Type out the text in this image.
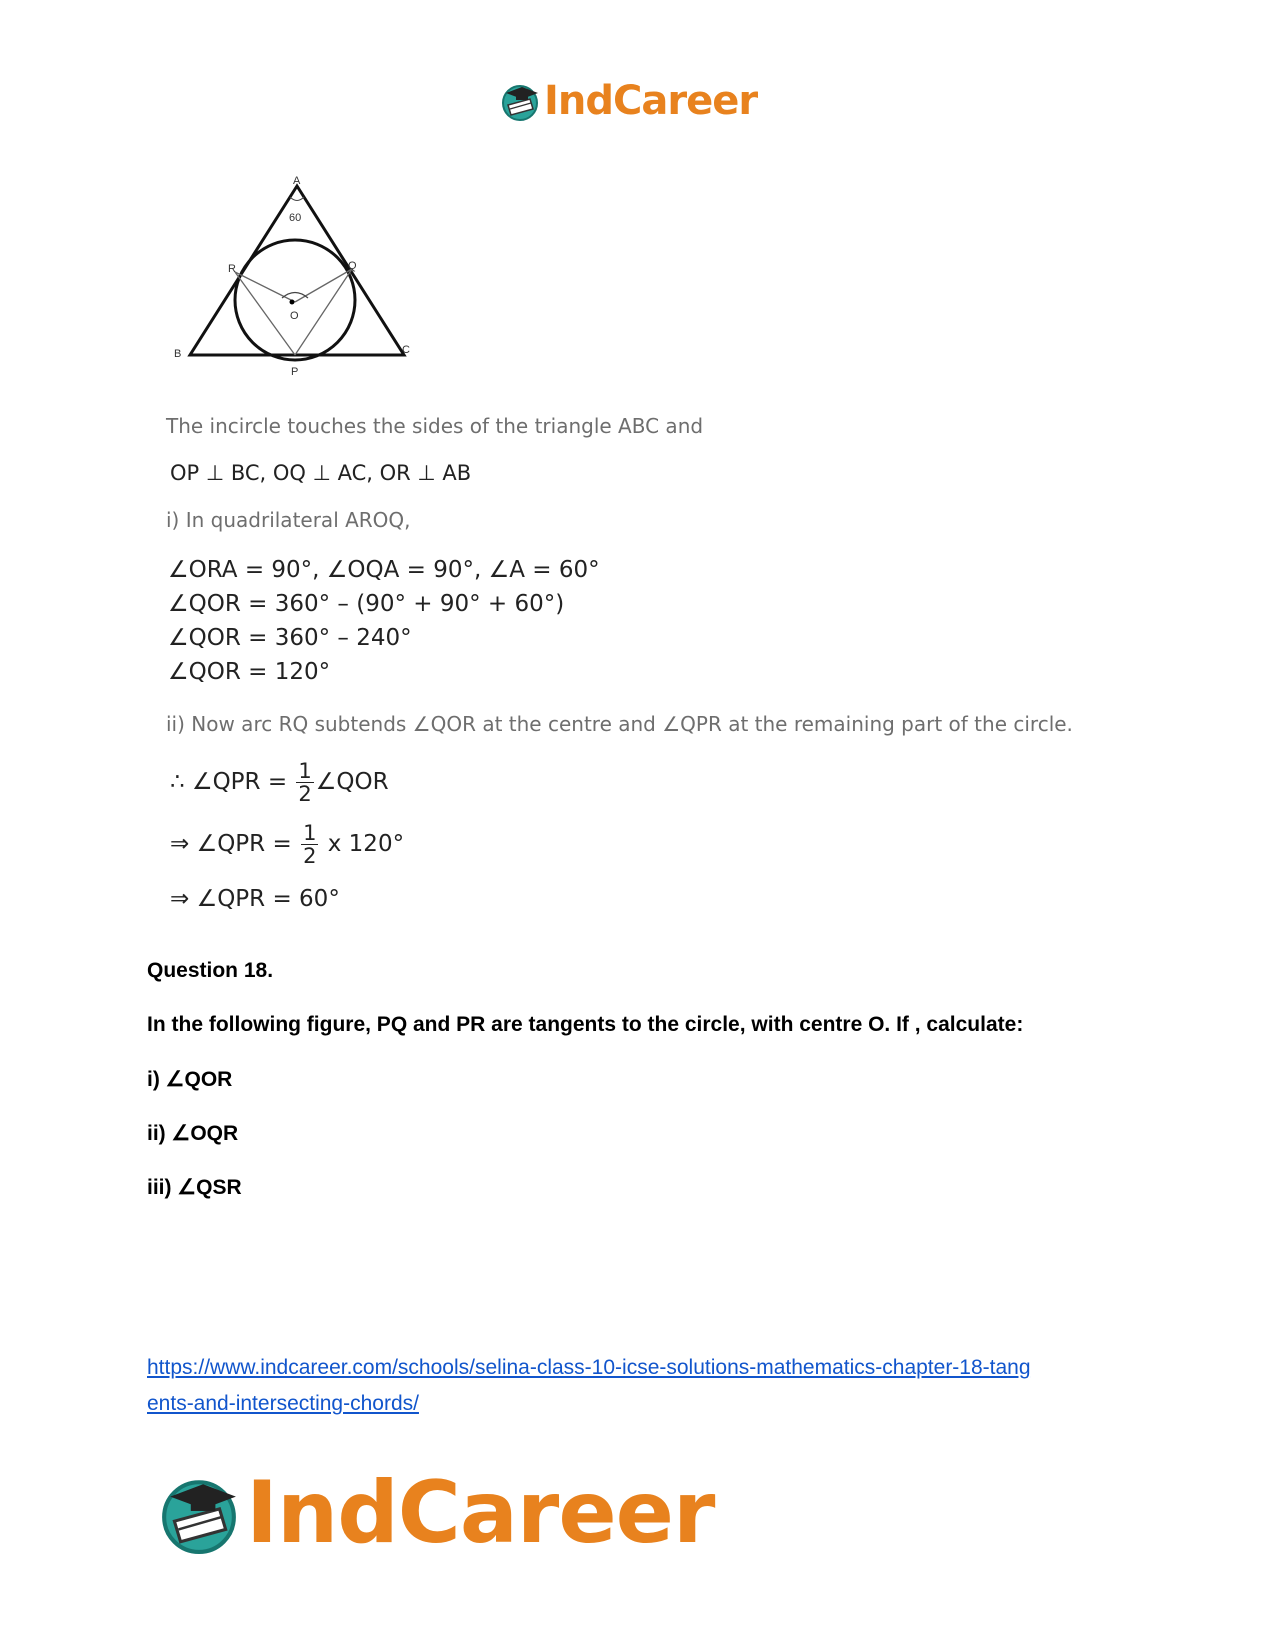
IndCareer
A
60
R	Q
O
B	C
P
The incircle touches the sides of the triangle ABC and
OP ⊥ BC, OQ ⊥ AC, OR ⊥ AB
i) In quadrilateral AROQ,
∠ORA = 90°, ∠OQA = 90°, ∠A = 60°
∠QOR = 360° – (90° + 90° + 60°)
∠QOR = 360° – 240°
∠QOR = 120°
ii) Now arc RQ subtends ∠QOR at the centre and ∠QPR at the remaining part of the circle.
∴ ∠QPR = $\frac{1}{2}$ ∠QOR
⇒ ∠QPR = $\frac{1}{2}$ x 120°
⇒ ∠QPR = 60°
Question 18.
In the following figure, PQ and PR are tangents to the circle, with centre O. If , calculate:
i) ∠QOR
ii) ∠OQR
iii) ∠QSR
https://www.indcareer.com/schools/selina-class-10-icse-solutions-mathematics-chapter-18-tang
ents-and-intersecting-chords/
IndCareer
